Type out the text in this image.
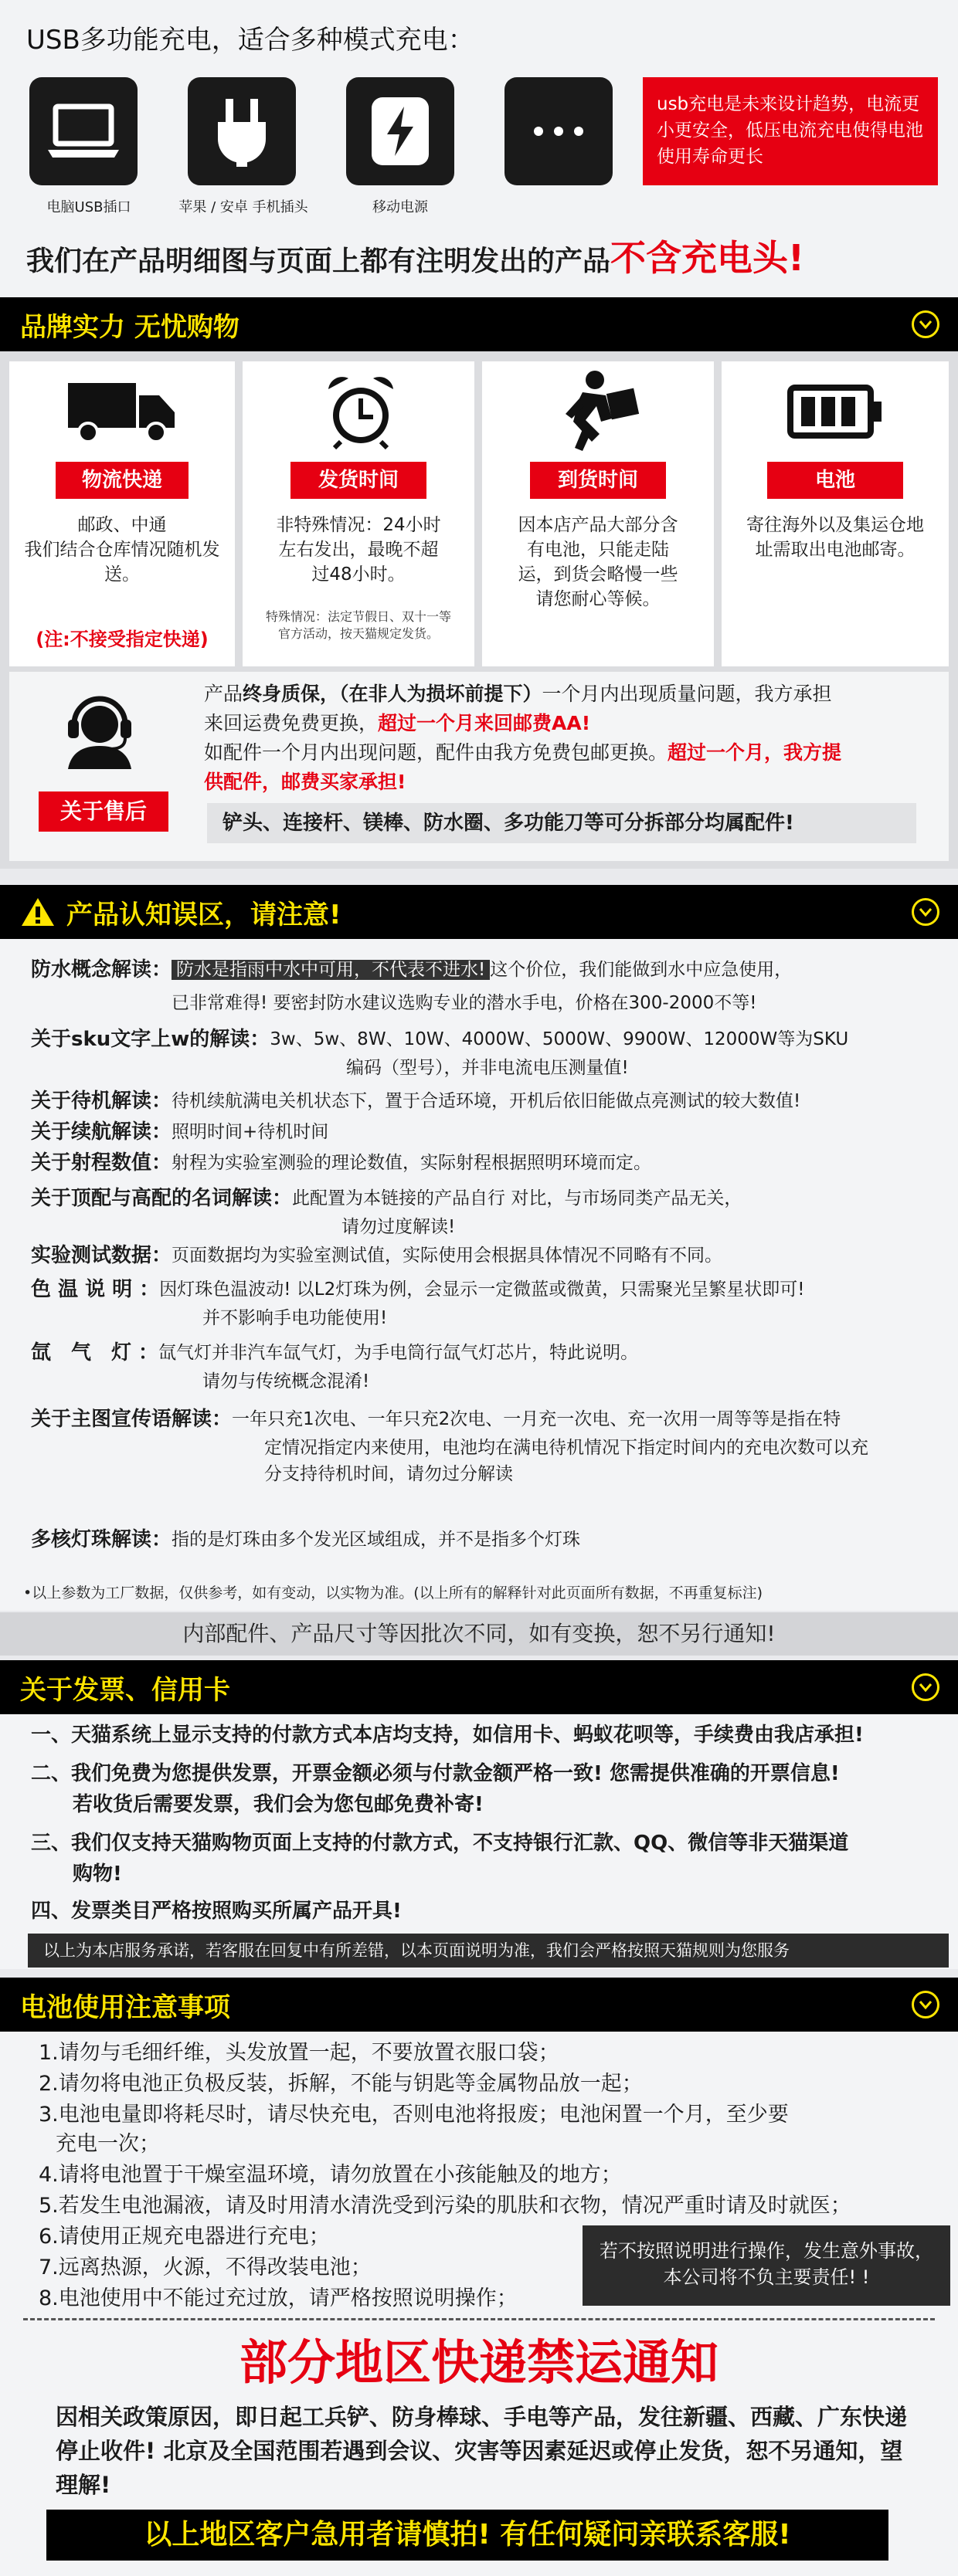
USB多功能充电，适合多种模式充电：
电脑USB插口	苹果 / 安卓 手机插头	移动电源
usb充电是未来设计趋势，电流更小更安全，低压电流充电使得电池使用寿命更长
我们在产品明细图与页面上都有注明发出的产品不含充电头!
品牌实力 无忧购物
物流快递
邮政、中通
我们结合仓库情况随机发送。
(注:不接受指定快递)
发货时间
非特殊情况：24小时左右发出，最晚不超过48小时。
特殊情况：法定节假日、双十一等官方活动，按天猫规定发货。
到货时间
因本店产品大部分含有电池，只能走陆运，到货会略慢一些请您耐心等候。
电池
寄往海外以及集运仓地址需取出电池邮寄。
关于售后
产品终身质保，（在非人为损坏前提下）一个月内出现质量问题，我方承担
来回运费免费更换，超过一个月来回邮费AA!
如配件一个月内出现问题，配件由我方免费包邮更换。超过一个月，我方提
供配件，邮费买家承担!
铲头、连接杆、镁棒、防水圈、多功能刀等可分拆部分均属配件!
产品认知误区，请注意!
防水概念解读： 防水是指雨中水中可用，不代表不进水! 这个价位，我们能做到水中应急使用，
已非常难得! 要密封防水建议选购专业的潜水手电，价格在300-2000不等!
关于sku文字上w的解读： 3w、5w、8W、10W、4000W、5000W、9900W、12000W等为SKU
编码（型号），并非电流电压测量值!
关于待机解读： 待机续航满电关机状态下，置于合适环境，开机后依旧能做点亮测试的较大数值!
关于续航解读： 照明时间+待机时间
关于射程数值： 射程为实验室测验的理论数值，实际射程根据照明环境而定。
关于顶配与高配的名词解读： 此配置为本链接的产品自行 对比，与市场同类产品无关，
请勿过度解读!
实验测试数据： 页面数据均为实验室测试值，实际使用会根据具体情况不同略有不同。
色 温 说 明 ： 因灯珠色温波动! 以L2灯珠为例，会显示一定微蓝或微黄，只需聚光呈繁星状即可!
并不影响手电功能使用!
氙　气　灯 ： 氙气灯并非汽车氙气灯，为手电筒行氙气灯芯片，特此说明。
请勿与传统概念混淆!
关于主图宣传语解读： 一年只充1次电、一年只充2次电、一月充一次电、充一次用一周等等是指在特
定情况指定内来使用，电池均在满电待机情况下指定时间内的充电次数可以充
分支持待机时间，请勿过分解读
多核灯珠解读： 指的是灯珠由多个发光区域组成，并不是指多个灯珠
•以上参数为工厂数据，仅供参考，如有变动，以实物为准。(以上所有的解释针对此页面所有数据，不再重复标注)
内部配件、产品尺寸等因批次不同，如有变换，恕不另行通知!
关于发票、信用卡
一、天猫系统上显示支持的付款方式本店均支持，如信用卡、蚂蚁花呗等，手续费由我店承担!
二、我们免费为您提供发票，开票金额必须与付款金额严格一致! 您需提供准确的开票信息!
若收货后需要发票，我们会为您包邮免费补寄!
三、我们仅支持天猫购物页面上支持的付款方式，不支持银行汇款、QQ、微信等非天猫渠道
购物!
四、发票类目严格按照购买所属产品开具!
以上为本店服务承诺，若客服在回复中有所差错，以本页面说明为准，我们会严格按照天猫规则为您服务
电池使用注意事项
1.请勿与毛细纤维，头发放置一起，不要放置衣服口袋；
2.请勿将电池正负极反装，拆解，不能与钥匙等金属物品放一起；
3.电池电量即将耗尽时，请尽快充电，否则电池将报废；电池闲置一个月，至少要
充电一次；
4.请将电池置于干燥室温环境，请勿放置在小孩能触及的地方；
5.若发生电池漏液，请及时用清水清洗受到污染的肌肤和衣物，情况严重时请及时就医；
6.请使用正规充电器进行充电；
7.远离热源，火源，不得改装电池；
8.电池使用中不能过充过放，请严格按照说明操作；
若不按照说明进行操作，发生意外事故，本公司将不负主要责任! !
部分地区快递禁运通知
因相关政策原因，即日起工兵铲、防身棒球、手电等产品，发往新疆、西藏、广东快递停止收件! 北京及全国范围若遇到会议、灾害等因素延迟或停止发货，恕不另通知，望理解!
以上地区客户急用者请慎拍! 有任何疑问亲联系客服!
